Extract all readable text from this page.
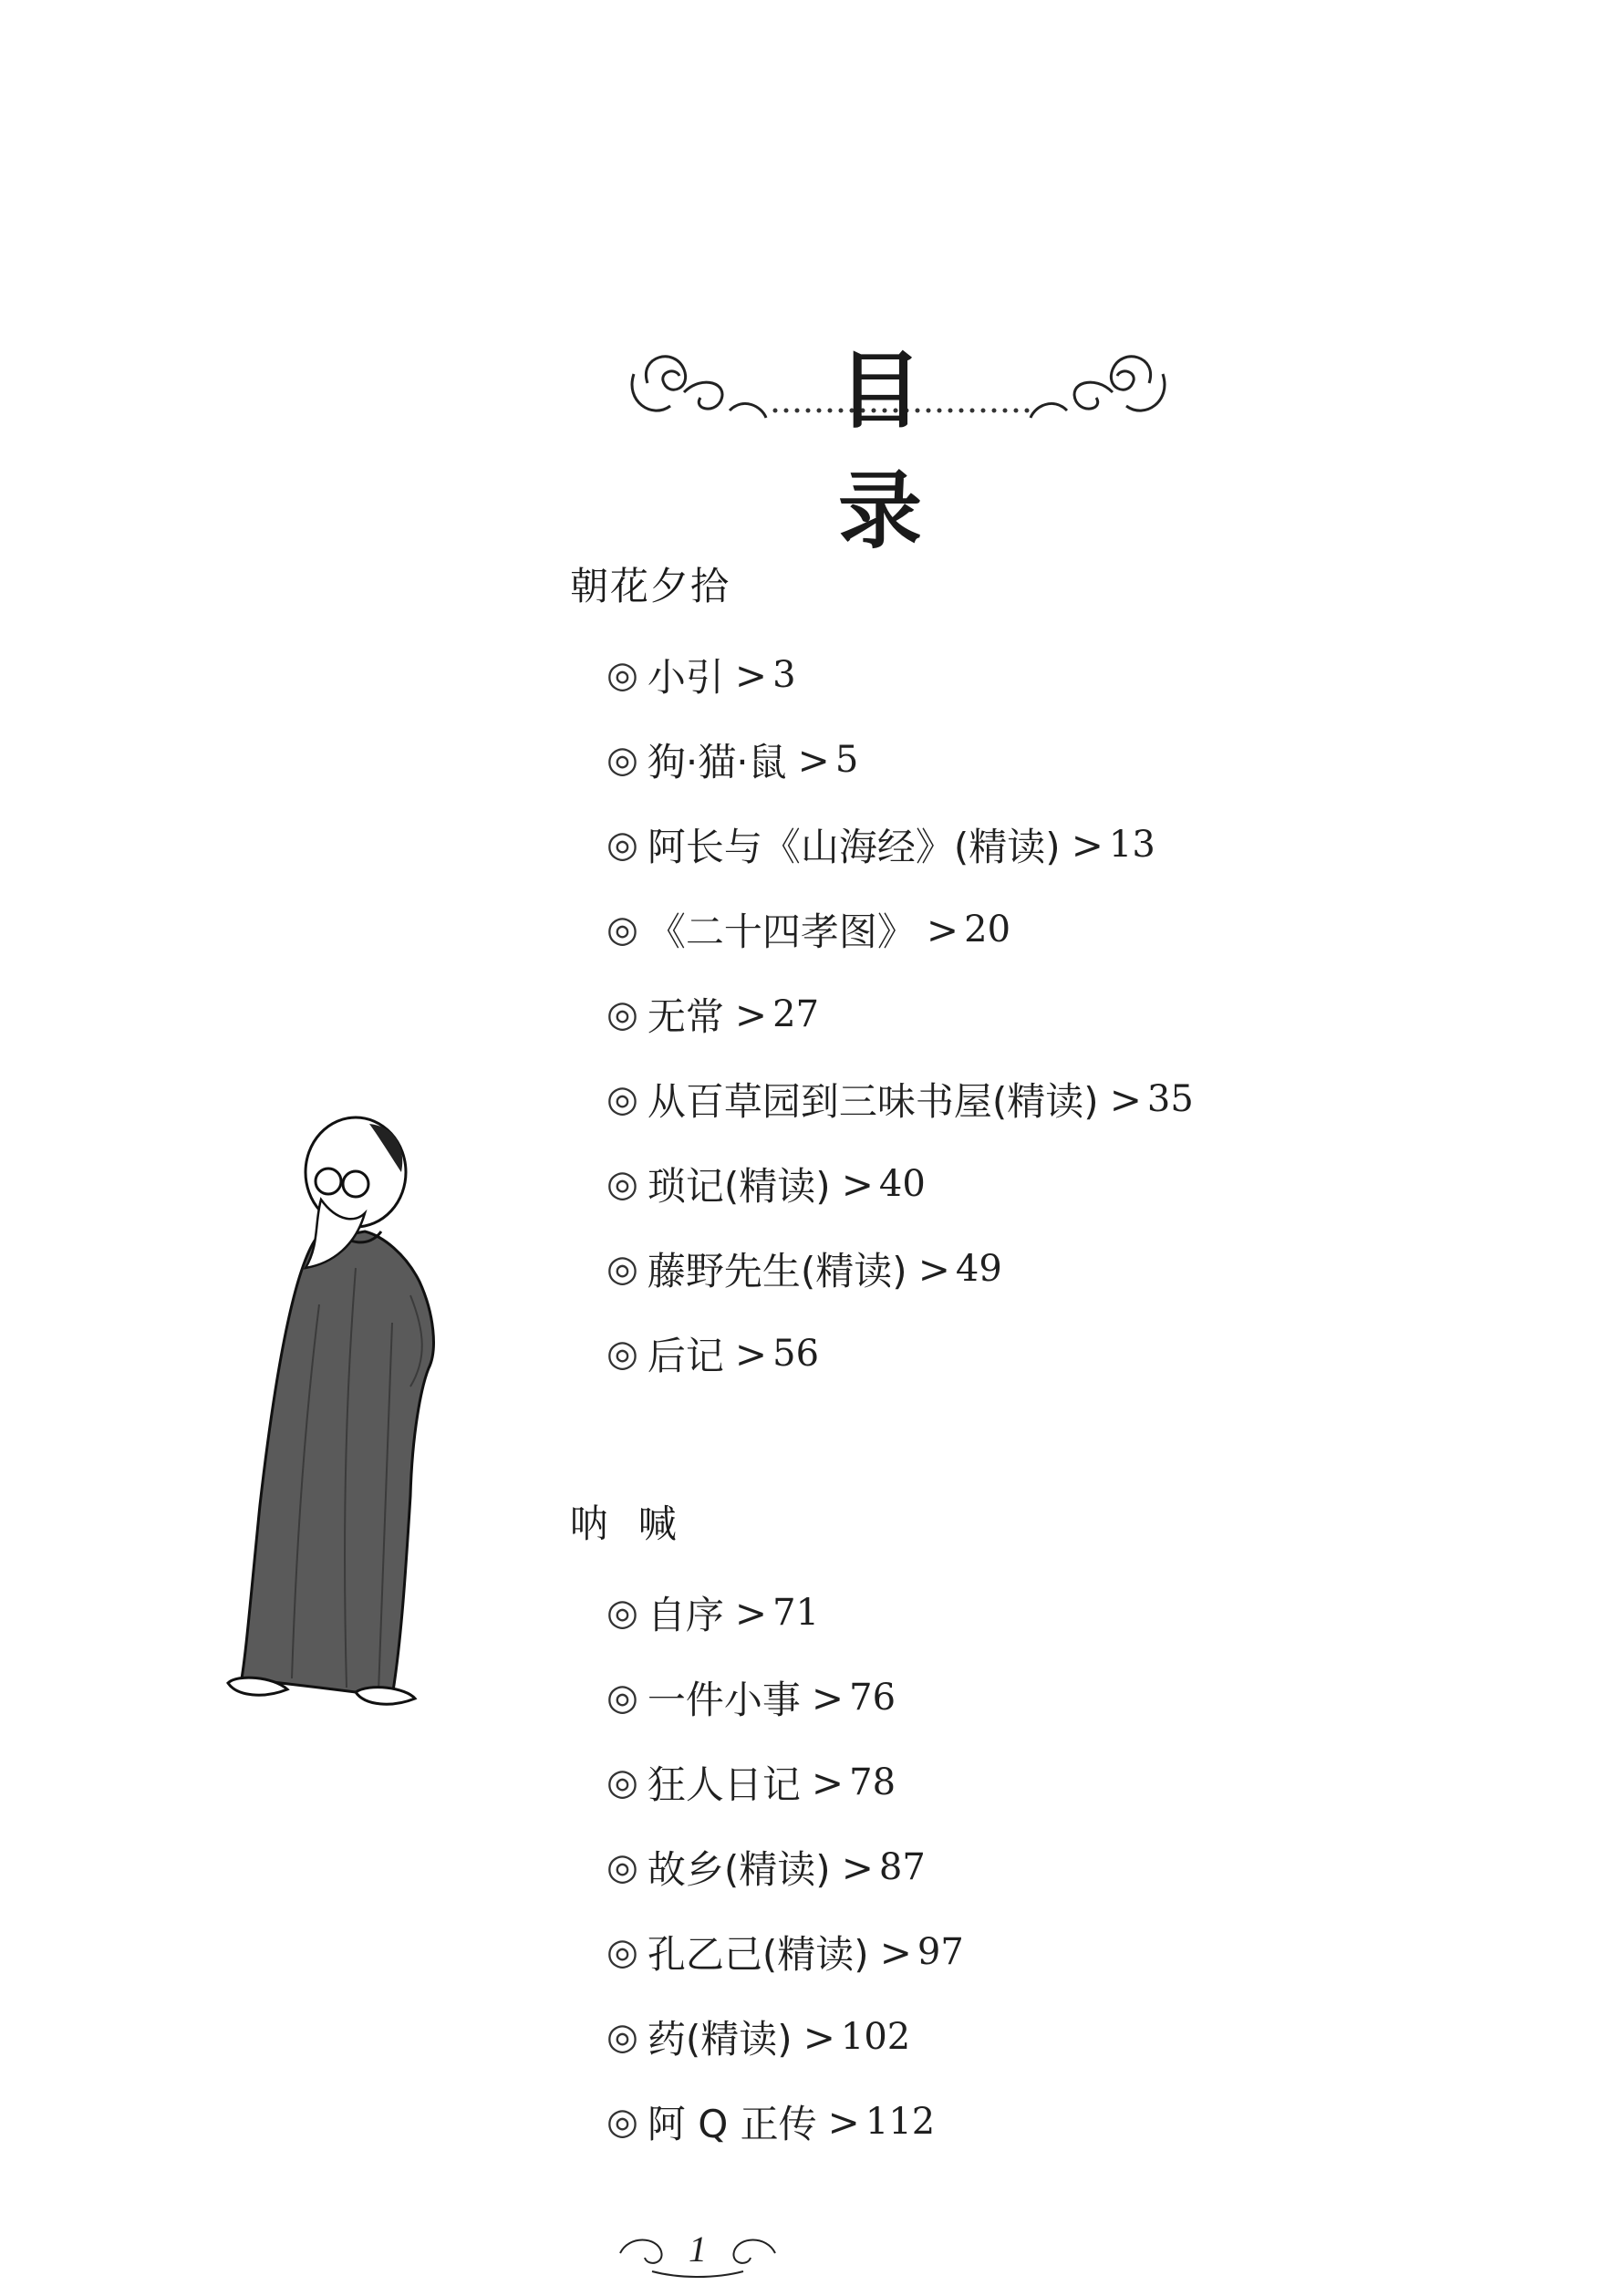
目录
朝花夕拾
◎ 小引 > 3
◎ 狗·猫·鼠 > 5
◎ 阿长与《山海经》(精读) > 13
◎ 《二十四孝图》 > 20
◎ 无常 > 27
◎ 从百草园到三味书屋(精读) > 35
◎ 琐记(精读) > 40
◎ 藤野先生(精读) > 49
◎ 后记 > 56
呐  喊
◎ 自序 > 71
◎ 一件小事 > 76
◎ 狂人日记 > 78
◎ 故乡(精读) > 87
◎ 孔乙己(精读) > 97
◎ 药(精读) > 102
◎ 阿 Q 正传 > 112
1
